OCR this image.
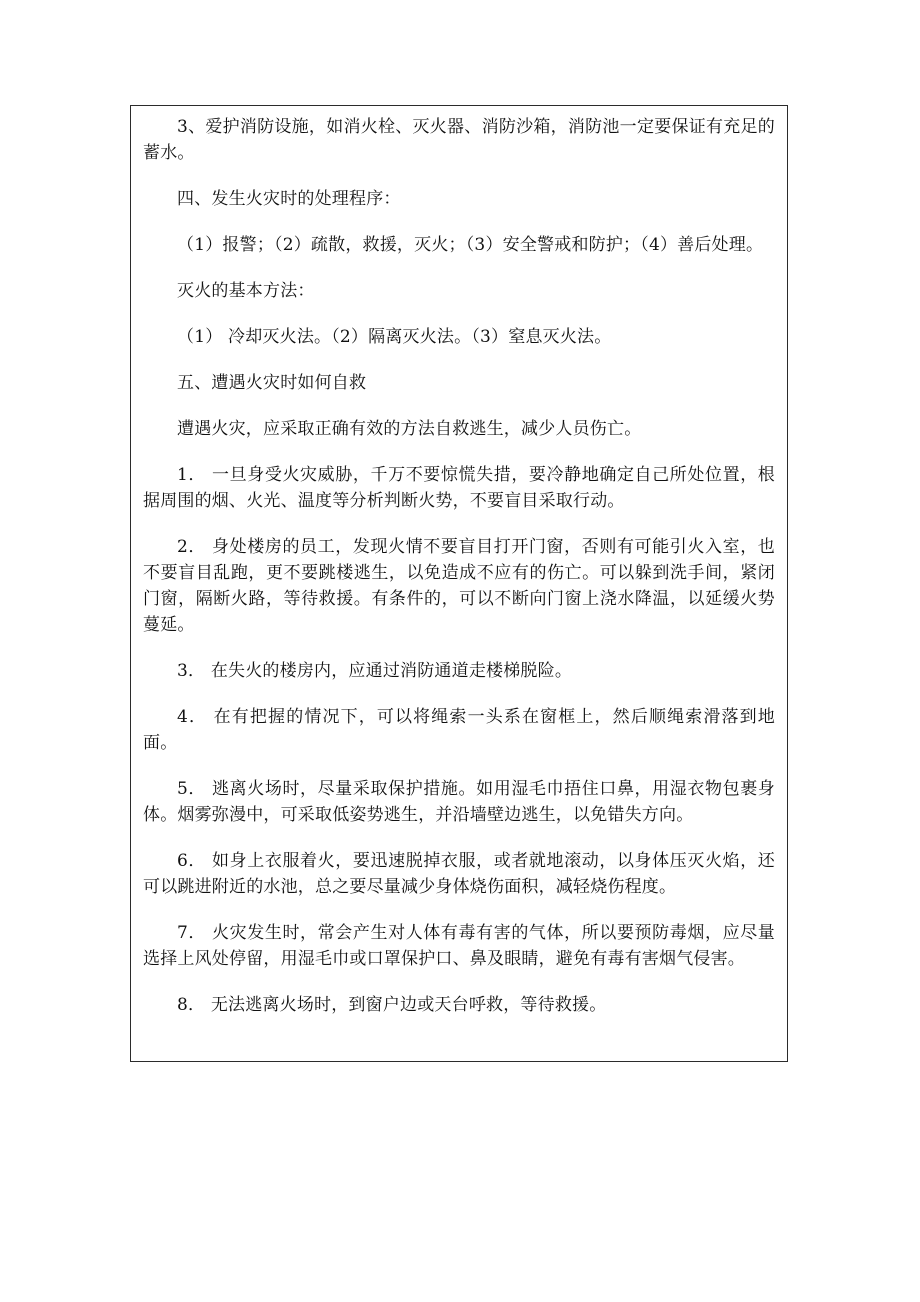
3、爱护消防设施，如消火栓、灭火器、消防沙箱，消防池一定要保证有充足的蓄水。

四、发生火灾时的处理程序：

（1）报警；（2）疏散，救援，灭火；（3）安全警戒和防护；（4）善后处理。

灭火的基本方法：

（1） 冷却灭火法。（2）隔离灭火法。（3）窒息灭火法。

五、遭遇火灾时如何自救

遭遇火灾，应采取正确有效的方法自救逃生，减少人员伤亡。

1． 一旦身受火灾威胁，千万不要惊慌失措，要冷静地确定自己所处位置，根据周围的烟、火光、温度等分析判断火势，不要盲目采取行动。

2． 身处楼房的员工，发现火情不要盲目打开门窗，否则有可能引火入室，也不要盲目乱跑，更不要跳楼逃生，以免造成不应有的伤亡。可以躲到洗手间，紧闭门窗，隔断火路，等待救援。有条件的，可以不断向门窗上浇水降温，以延缓火势蔓延。

3． 在失火的楼房内，应通过消防通道走楼梯脱险。

4． 在有把握的情况下，可以将绳索一头系在窗框上，然后顺绳索滑落到地面。

5． 逃离火场时，尽量采取保护措施。如用湿毛巾捂住口鼻，用湿衣物包裹身体。烟雾弥漫中，可采取低姿势逃生，并沿墙壁边逃生，以免错失方向。

6． 如身上衣服着火，要迅速脱掉衣服，或者就地滚动，以身体压灭火焰，还可以跳进附近的水池，总之要尽量减少身体烧伤面积，减轻烧伤程度。

7． 火灾发生时，常会产生对人体有毒有害的气体，所以要预防毒烟，应尽量选择上风处停留，用湿毛巾或口罩保护口、鼻及眼睛，避免有毒有害烟气侵害。

8． 无法逃离火场时，到窗户边或天台呼救，等待救援。
